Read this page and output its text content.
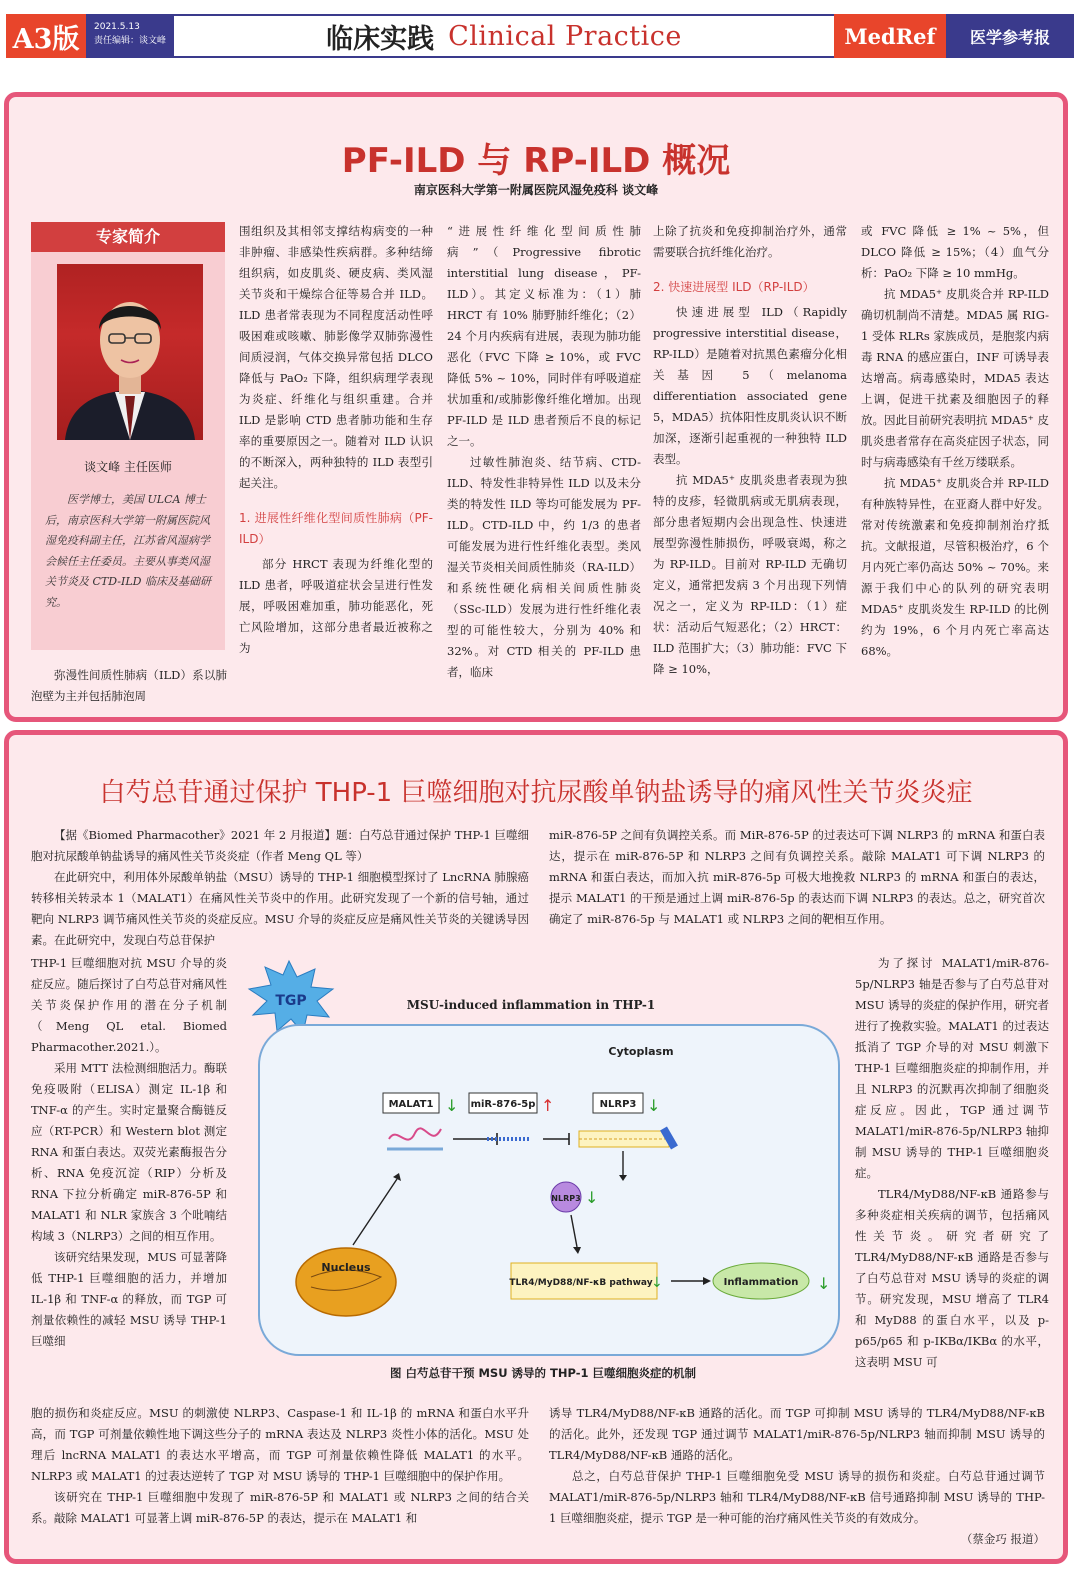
A3版	2021.5.13
责任编辑：谈文峰	临床实践 Clinical Practice	MedRef	医学参考报
PF-ILD 与 RP-ILD 概况
南京医科大学第一附属医院风湿免疫科 谈文峰
专家简介
谈文峰 主任医师
医学博士，美国 ULCA 博士后，南京医科大学第一附属医院风湿免疫科副主任，江苏省风湿病学会候任主任委员。主要从事类风湿关节炎及 CTD-ILD 临床及基础研究。

弥漫性间质性肺病（ILD）系以肺泡壁为主并包括肺泡周

围组织及其相邻支撑结构病变的一种非肿瘤、非感染性疾病群。多种结缔组织病，如皮肌炎、硬皮病、类风湿关节炎和干燥综合征等易合并 ILD。ILD 患者常表现为不同程度活动性呼吸困难或咳嗽、肺影像学双肺弥漫性间质浸润，气体交换异常包括 DLCO 降低与 PaO₂ 下降，组织病理学表现为炎症、纤维化与组织重建。合并 ILD 是影响 CTD 患者肺功能和生存率的重要原因之一。随着对 ILD 认识的不断深入，两种独特的 ILD 表型引起关注。

1. 进展性纤维化型间质性肺病（PF-ILD）

部分 HRCT 表现为纤维化型的 ILD 患者，呼吸道症状会呈进行性发展，呼吸困难加重，肺功能恶化，死亡风险增加，这部分患者最近被称之为

“进展性纤维化型间质性肺病”（Progressive fibrotic interstitial lung disease，PF-ILD）。其定义标准为：（1）肺 HRCT 有 10% 肺野肺纤维化；（2）24 个月内疾病有进展，表现为肺功能恶化（FVC 下降 ≥ 10%，或 FVC 降低 5% ~ 10%，同时伴有呼吸道症状加重和/或肺影像纤维化增加。出现 PF-ILD 是 ILD 患者预后不良的标记之一。

过敏性肺泡炎、结节病、CTD-ILD、特发性非特异性 ILD 以及未分类的特发性 ILD 等均可能发展为 PF-ILD。CTD-ILD 中，约 1/3 的患者可能发展为进行性纤维化表型。类风湿关节炎相关间质性肺炎（RA-ILD）和系统性硬化病相关间质性肺炎（SSc-ILD）发展为进行性纤维化表型的可能性较大，分别为 40% 和 32%。对 CTD 相关的 PF-ILD 患者，临床

上除了抗炎和免疫抑制治疗外，通常需要联合抗纤维化治疗。

2. 快速进展型 ILD（RP-ILD）

快速进展型 ILD（Rapidly progressive interstitial disease，RP-ILD）是随着对抗黑色素瘤分化相关基因 5（melanoma differentiation associated gene 5，MDA5）抗体阳性皮肌炎认识不断加深，逐渐引起重视的一种独特 ILD 表型。

抗 MDA5⁺ 皮肌炎患者表现为独特的皮疹，轻微肌病或无肌病表现，部分患者短期内会出现急性、快速进展型弥漫性肺损伤，呼吸衰竭，称之为 RP-ILD。目前对 RP-ILD 无确切定义，通常把发病 3 个月出现下列情况之一，定义为 RP-ILD：（1）症状：活动后气短恶化；（2）HRCT：ILD 范围扩大；（3）肺功能：FVC 下降 ≥ 10%，

或 FVC 降低 ≥ 1% ~ 5%，但 DLCO 降低 ≥ 15%；（4）血气分析：PaO₂ 下降 ≥ 10 mmHg。

抗 MDA5⁺ 皮肌炎合并 RP-ILD 确切机制尚不清楚。MDA5 属 RIG-1 受体 RLRs 家族成员，是胞浆内病毒 RNA 的感应蛋白，INF 可诱导表达增高。病毒感染时，MDA5 表达上调，促进干扰素及细胞因子的释放。因此目前研究表明抗 MDA5⁺ 皮肌炎患者常存在高炎症因子状态，同时与病毒感染有千丝万缕联系。

抗 MDA5⁺ 皮肌炎合并 RP-ILD 有种族特异性，在亚裔人群中好发。常对传统激素和免疫抑制剂治疗抵抗。文献报道，尽管积极治疗，6 个月内死亡率仍高达 50% ~ 70%。来源于我们中心的队列的研究表明 MDA5⁺ 皮肌炎发生 RP-ILD 的比例约为 19%，6 个月内死亡率高达 68%。

白芍总苷通过保护 THP-1 巨噬细胞对抗尿酸单钠盐诱导的痛风性关节炎炎症

【据《Biomed Pharmacother》2021 年 2 月报道】题：白芍总苷通过保护 THP-1 巨噬细胞对抗尿酸单钠盐诱导的痛风性关节炎炎症（作者 Meng QL 等）

在此研究中，利用体外尿酸单钠盐（MSU）诱导的 THP-1 细胞模型探讨了 LncRNA 肺腺癌转移相关转录本 1（MALAT1）在痛风性关节炎中的作用。此研究发现了一个新的信号轴，通过靶向 NLRP3 调节痛风性关节炎的炎症反应。MSU 介导的炎症反应是痛风性关节炎的关键诱导因素。在此研究中，发现白芍总苷保护

miR-876-5P 之间有负调控关系。而 MiR-876-5P 的过表达可下调 NLRP3 的 mRNA 和蛋白表达，提示在 miR-876-5P 和 NLRP3 之间有负调控关系。敲除 MALAT1 可下调 NLRP3 的 mRNA 和蛋白表达，而加入抗 miR-876-5p 可极大地挽救 NLRP3 的 mRNA 和蛋白的表达，提示 MALAT1 的干预是通过上调 miR-876-5p 的表达而下调 NLRP3 的表达。总之，研究首次确定了 miR-876-5p 与 MALAT1 或 NLRP3 之间的靶相互作用。

THP-1 巨噬细胞对抗 MSU 介导的炎症反应。随后探讨了白芍总苷对痛风性关节炎保护作用的潜在分子机制（Meng QL etal. Biomed Pharmacother.2021.）。

采用 MTT 法检测细胞活力。酶联免疫吸附（ELISA）测定 IL-1β 和 TNF-α 的产生。实时定量聚合酶链反应（RT-PCR）和 Western blot 测定 RNA 和蛋白表达。双荧光素酶报告分析、RNA 免疫沉淀（RIP）分析及 RNA 下拉分析确定 miR-876-5P 和 MALAT1 和 NLR 家族含 3 个吡喃结构域 3（NLRP3）之间的相互作用。

该研究结果发现，MUS 可显著降低 THP-1 巨噬细胞的活力，并增加 IL-1β 和 TNF-α 的释放，而 TGP 可剂量依赖性的减轻 MSU 诱导 THP-1 巨噬细

TGP	MSU-induced inflammation in THP-1
Cytoplasm
MALAT1 ↓ miR-876-5p ↑	NLRP3 ↓
NLRP3 ↓
Nucleus
TLR4/MyD88/NF-κB pathway
↓	Inflammation ↓
图 白芍总苷干预 MSU 诱导的 THP-1 巨噬细胞炎症的机制

为了探讨 MALAT1/miR-876-5p/NLRP3 轴是否参与了白芍总苷对 MSU 诱导的炎症的保护作用，研究者进行了挽救实验。MALAT1 的过表达抵消了 TGP 介导的对 MSU 刺激下 THP-1 巨噬细胞炎症的抑制作用，并且 NLRP3 的沉默再次抑制了细胞炎症反应。因此，TGP 通过调节 MALAT1/miR-876-5p/NLRP3 轴抑制 MSU 诱导的 THP-1 巨噬细胞炎症。

TLR4/MyD88/NF-κB 通路参与多种炎症相关疾病的调节，包括痛风性关节炎。研究者研究了 TLR4/MyD88/NF-κB 通路是否参与了白芍总苷对 MSU 诱导的炎症的调节。研究发现，MSU 增高了 TLR4 和 MyD88 的蛋白水平，以及 p-p65/p65 和 p-IKBα/IKBα 的水平，这表明 MSU 可

胞的损伤和炎症反应。MSU 的刺激使 NLRP3、Caspase-1 和 IL-1β 的 mRNA 和蛋白水平升高，而 TGP 可剂量依赖性地下调这些分子的 mRNA 表达及 NLRP3 炎性小体的活化。MSU 处理后 lncRNA MALAT1 的表达水平增高，而 TGP 可剂量依赖性降低 MALAT1 的水平。NLRP3 或 MALAT1 的过表达逆转了 TGP 对 MSU 诱导的 THP-1 巨噬细胞中的保护作用。

该研究在 THP-1 巨噬细胞中发现了 miR-876-5P 和 MALAT1 或 NLRP3 之间的结合关系。敲除 MALAT1 可显著上调 miR-876-5P 的表达，提示在 MALAT1 和

诱导 TLR4/MyD88/NF-κB 通路的活化。而 TGP 可抑制 MSU 诱导的 TLR4/MyD88/NF-κB 的活化。此外，还发现 TGP 通过调节 MALAT1/miR-876-5p/NLRP3 轴而抑制 MSU 诱导的 TLR4/MyD88/NF-κB 通路的活化。

总之，白芍总苷保护 THP-1 巨噬细胞免受 MSU 诱导的损伤和炎症。白芍总苷通过调节 MALAT1/miR-876-5p/NLRP3 轴和 TLR4/MyD88/NF-κB 信号通路抑制 MSU 诱导的 THP-1 巨噬细胞炎症，提示 TGP 是一种可能的治疗痛风性关节炎的有效成分。

（蔡金巧 报道）
